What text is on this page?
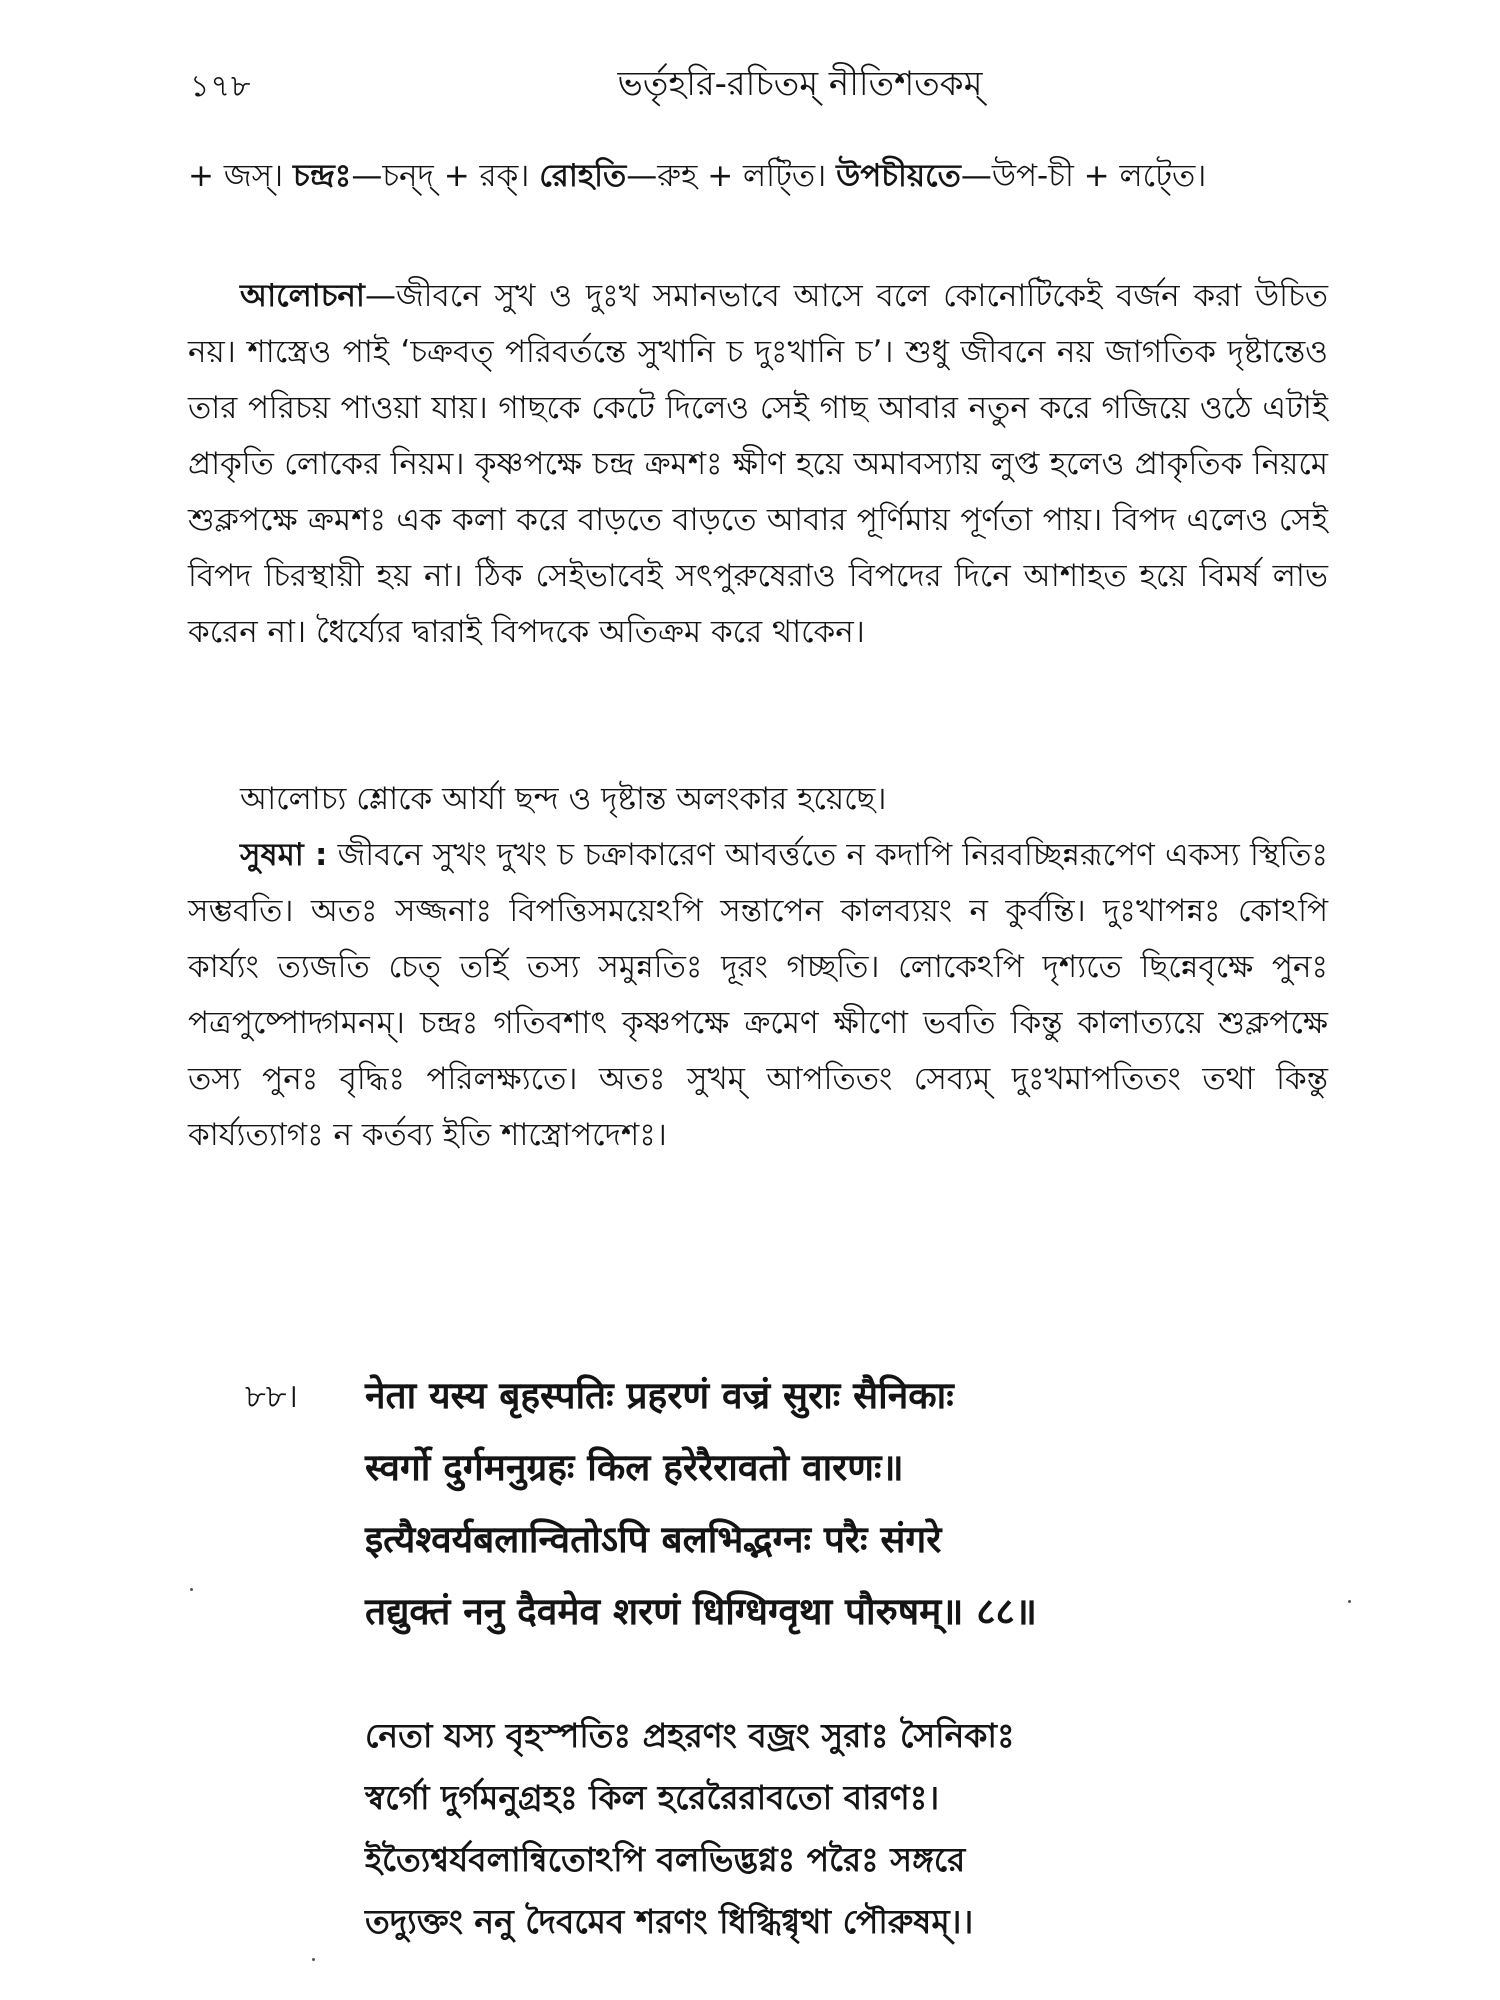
১৭৮	ভর্তৃহরি-রচিতম্ নীতিশতকম্

+ জস্। চন্দ্রঃ—চন্দ্ + রক্। রোহতি—রুহ + লট্তি। উপচীয়তে—উপ-চী + লট্তে।

আলোচনা—জীবনে সুখ ও দুঃখ সমানভাবে আসে বলে কোনোটিকেই বর্জন করা উচিত নয়। শাস্ত্রেও পাই ‘চক্রবত্ পরিবর্তন্তে সুখানি চ দুঃখানি চ’। শুধু জীবনে নয় জাগতিক দৃষ্টান্তেও তার পরিচয় পাওয়া যায়। গাছকে কেটে দিলেও সেই গাছ আবার নতুন করে গজিয়ে ওঠে এটাই প্রাকৃতি লোকের নিয়ম। কৃষ্ণপক্ষে চন্দ্র ক্রমশঃ ক্ষীণ হয়ে অমাবস্যায় লুপ্ত হলেও প্রাকৃতিক নিয়মে শুক্লপক্ষে ক্রমশঃ এক কলা করে বাড়তে বাড়তে আবার পূর্ণিমায় পূর্ণতা পায়। বিপদ এলেও সেই বিপদ চিরস্থায়ী হয় না। ঠিক সেইভাবেই সৎপুরুষেরাও বিপদের দিনে আশাহত হয়ে বিমর্ষ লাভ করেন না। ধৈর্য্যের দ্বারাই বিপদকে অতিক্রম করে থাকেন।

আলোচ্য শ্লোকে আর্যা ছন্দ ও দৃষ্টান্ত অলংকার হয়েছে।

সুষমা : জীবনে সুখং দুখং চ চক্রাকারেণ আবর্ত্ততে ন কদাপি নিরবচ্ছিন্নরূপেণ একস্য স্থিতিঃ সম্ভবতি। অতঃ সজ্জনাঃ বিপত্তিসময়েঽপি সন্তাপেন কালব্যয়ং ন কুর্বন্তি। দুঃখাপন্নঃ কোঽপি কার্য্যং ত্যজতি চেত্ তর্হি তস্য সমুন্নতিঃ দূরং গচ্ছতি। লোকেঽপি দৃশ্যতে ছিন্নেবৃক্ষে পুনঃ পত্রপুষ্পোদ্গমনম্। চন্দ্রঃ গতিবশাৎ কৃষ্ণপক্ষে ক্রমেণ ক্ষীণো ভবতি কিন্তু কালাত্যয়ে শুক্লপক্ষে তস্য পুনঃ বৃদ্ধিঃ পরিলক্ষ্যতে। অতঃ সুখম্ আপতিতং সেব্যম্ দুঃখমাপতিতং তথা কিন্তু কার্য্যত্যাগঃ ন কর্তব্য ইতি শাস্ত্রোপদেশঃ।

৮৮। नेता यस्य बृहस्पतिः प्रहरणं वज्रं सुराः सैनिकाः
स्वर्गो दुर्गमनुग्रहः किल हरेरैरावतो वारणः॥
इत्यैश्वर्यबलान्वितोऽपि बलभिद्भग्नः परैः संगरे
तद्युक्तं ननु दैवमेव शरणं धिग्धिग्वृथा पौरुषम्॥ ८८॥
নেতা যস্য বৃহস্পতিঃ প্রহরণং বজ্রং সুরাঃ সৈনিকাঃ
স্বর্গো দুর্গমনুগ্রহঃ কিল হরেরৈরাবতো বারণঃ।
ইত্যৈশ্বর্যবলান্বিতোঽপি বলভিদ্ভগ্নঃ পরৈঃ সঙ্গরে
তদ্যুক্তং ননু দৈবমেব শরণং ধিগ্ধিগ্বৃথা পৌরুষম্।।
